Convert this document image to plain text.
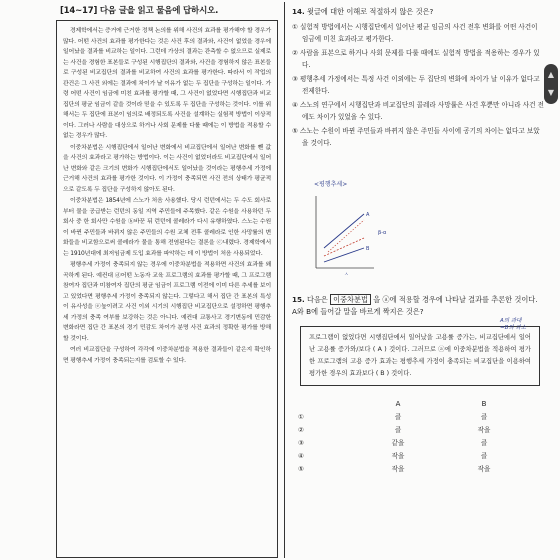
[14~17] 다음 글을 읽고 물음에 답하시오.

경제학에서는 증거에 근거한 정책 논의를 위해 사건의 효과를 평가해야 할 경우가 많다. 어떤 사건의 효과를 평가한다는 것은 사건 후의 결과와, 사건이 없었을 경우에 일어났을 결과를 비교하는 일이다. 그런데 가상의 결과는 관측할 수 없으므로 실제로는 사건을 경험한 표본들로 구성된 시행집단의 결과와, 사건을 경험하지 않은 표본들로 구성된 비교집단의 결과를 비교하여 사건의 효과를 평가한다. 따라서 이 작업의 관건은 그 사건 외에는 결과에 차이가 날 이유가 없는 두 집단을 구성하는 일이다. 가령 어떤 사건이 임금에 미친 효과를 평가할 때, 그 사건이 없었다면 시행집단과 비교집단의 평균 임금이 같을 것이라 믿을 수 있도록 두 집단을 구성하는 것이다. 이를 위해서는 두 집단에 표본이 임의로 배정되도록 사건을 설계하는 실험적 방법이 이상적이다. 그러나 사람을 대상으로 하거나 사회 문제를 다룰 때에는 이 방법을 적용할 수 없는 경우가 많다.

이중차분법은 시행집단에서 일어난 변화에서 비교집단에서 일어난 변화를 뺀 값을 사건의 효과라고 평가하는 방법이다. 이는 사건이 없었더라도 비교집단에서 일어난 변화와 같은 크기의 변화가 시행집단에서도 일어났을 것이라는 평행추세 가정에 근거해 사건의 효과를 평가한 것이다. 이 가정이 충족되면 사건 전의 상태가 평균적으로 같도록 두 집단을 구성하지 않아도 된다.

이중차분법은 1854년에 스노가 처음 사용했다. 당시 런던에서는 두 수도 회사로부터 물을 공급받는 런던의 동일 지역 주민들에 주목했다. 같은 수원을 사용하던 두 회사 중 한 회사만 수원을 ⓑ바꾼 뒤 런던에 콜레라가 다시 유행하였다. 스노는 수원이 바뀐 주민들과 바뀌지 않은 주민들의 수원 교체 전후 콜레라로 인한 사망률의 변화들을 비교함으로써 콜레라가 물을 통해 전염된다는 결론을 ⓒ내렸다. 경제학에서는 1910년대에 최저임금제 도입 효과를 파악하는 데 이 방법이 처음 사용되었다.

평행추세 가정이 충족되지 않는 경우에 이중차분법을 적용하면 사건의 효과를 왜곡하게 된다. 예컨대 ⓓ어떤 노동자 교육 프로그램의 효과를 평가할 때, 그 프로그램 참여자 집단과 미참여자 집단의 평균 임금이 프로그램 이전에 이미 다른 추세를 보이고 있었다면 평행추세 가정이 충족되지 않는다. 그렇다고 해서 집단 간 표본의 특성이 유사성을 ⓔ높이려고 사건 이외 시기의 시행집단 비교집단으로 설정하면 평행추세 가정의 충족 여부를 보강하는 것은 아니다. 예컨대 교통사고 경기변동에 민감한 변화라면 집단 간 표본의 경기 민감도 차이가 분명 사건 효과의 정확한 평가를 방해할 것이다.

여러 비교집단을 구성하여 각각에 이중차분법을 적용한 결과들이 같은지 확인하면 평행추세 가정이 충족되는지를 검토할 수 있다.

14. 윗글에 대한 이해로 적절하지 않은 것은?
① 실험적 방법에서는 시행집단에서 일어난 평균 임금의 사건 전후 변화를 어떤 사건이 임금에 미친 효과라고 평가한다.
② 사람을 표본으로 하거나 사회 문제를 다룰 때에도 실험적 방법을 적용하는 경우가 있다.
③ 평행추세 가정에서는 특정 사건 이외에는 두 집단의 변화에 차이가 날 이유가 없다고 전제한다.
④ 스노의 연구에서 시행집단과 비교집단의 콜레라 사망률은 사건 후뿐만 아니라 사건 전에도 차이가 있었을 수 있다.
⑤ 스노는 수원이 바뀐 주민들과 바뀌지 않은 주민들 사이에 공기의 차이는 없다고 보았을 것이다.
<평행추세>
A
B
ㅅ
β-α
15. 다음은 이중차분법 을 ⓐ에 적용할 경우에 나타날 결과를 추론한 것이다. A와 B에 들어갈 말을 바르게 짝지은 것은?
프로그램이 없었다면 시행집단에서 일어났을 고용률 증가는, 비교집단에서 일어난 고용률 증가와/보다 ( A ) 것이다. 그러므로 ⓐ에 이중차분법을 적용하여 평가한 프로그램의 고용 증가 효과는 평행추세 가정이 충족되는 비교집단을 이용하여 평가한 경우의 효과보다 ( B ) 것이다.
A	B
①	클	클
②	클	작을
③	같을	클
④	작을	클
⑤	작을	작을
A의 과대
=B의 과소
▲
▼
